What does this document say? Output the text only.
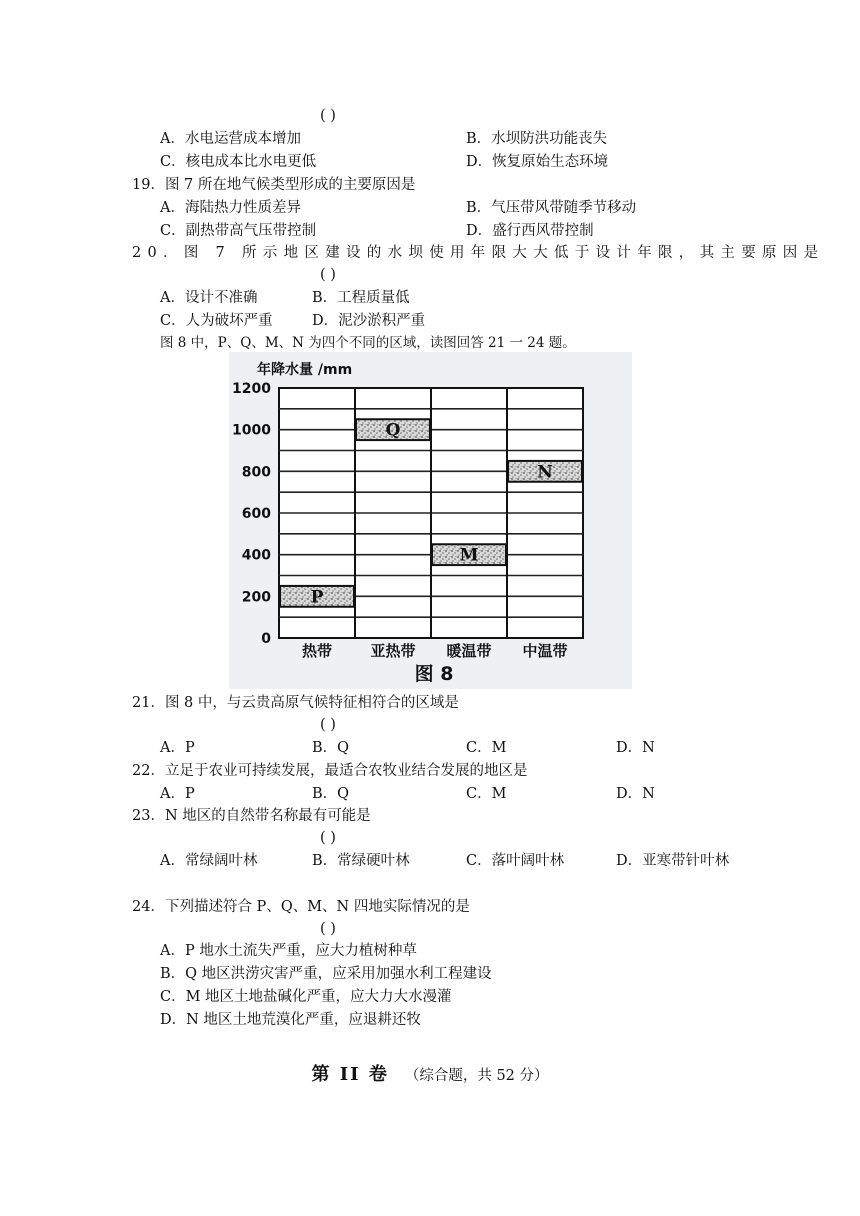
( )
A．水电运营成本增加	B．水坝防洪功能丧失
C．核电成本比水电更低	D．恢复原始生态环境
19．图 7 所在地气候类型形成的主要原因是
A．海陆热力性质差异	B．气压带风带随季节移动
C．副热带高气压带控制	D．盛行西风带控制
20．图 7 所示地区建设的水坝使用年限大大低于设计年限，其主要原因是
( )
A．设计不准确	B．工程质量低
C．人为破坏严重	D．泥沙淤积严重
图 8 中，P、Q、M、N 为四个不同的区域，读图回答 21 一 24 题。
年降水量 /mm
P
Q
M
N
0
200
400
600
800
1000
1200
热带	亚热带 暖温带 中温带
图 8
21．图 8 中，与云贵高原气候特征相符合的区域是
( )
A．P	B．Q	C．M	D．N
22．立足于农业可持续发展，最适合农牧业结合发展的地区是
A．P	B．Q	C．M	D．N
23．N 地区的自然带名称最有可能是
( )
A．常绿阔叶林	B．常绿硬叶林	C．落叶阔叶林	D．亚寒带针叶林
24．下列描述符合 P、Q、M、N 四地实际情况的是
( )
A．P 地水土流失严重，应大力植树种草
B．Q 地区洪涝灾害严重，应采用加强水利工程建设
C．M 地区土地盐碱化严重，应大力大水漫灌
D．N 地区土地荒漠化严重，应退耕还牧
第 II 卷 （综合题，共 52 分）
